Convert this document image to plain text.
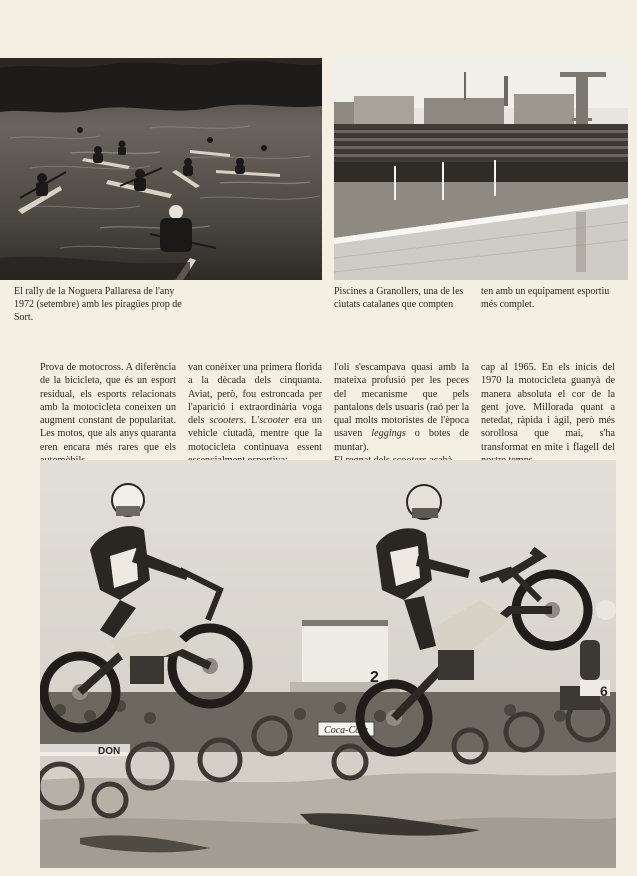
El rally de la Noguera Pallaresa de l'any 1972 (setembre) amb les piragües prop de Sort.
Piscines a Granollers, una de les ciutats catalanes que compten
ten amb un equipament esportiu més complet.

Prova de motocross. A diferència de la bicicleta, que és un esport residual, els esports relacionats amb la motocicleta coneixen un augment constant de popularitat. Les motos, que als anys quaranta eren encara més rares que els

van conèixer una primera florida a la dècada dels cinquanta. Aviat, però, fou estroncada per l'aparició i extraordinària voga dels scooters. L'scooter era un vehicle ciutadà, mentre que la motocicleta continuava essent

l'oli s'escampava quasi amb la mateixa profusió per les peces del mecanisme que pels pantalons dels usuaris (raó per la qual molts motoristes de l'època usaven leggings o botes de muntar).

cap al 1965. En els inicis del 1970 la motocicleta guanyà de manera absoluta el cor de la gent jove. Millorada quant a netedat, ràpida i àgil, però més sorollosa que mai, s'ha transformat en mite i flagell del

Coca-Cola
DON
6
2
